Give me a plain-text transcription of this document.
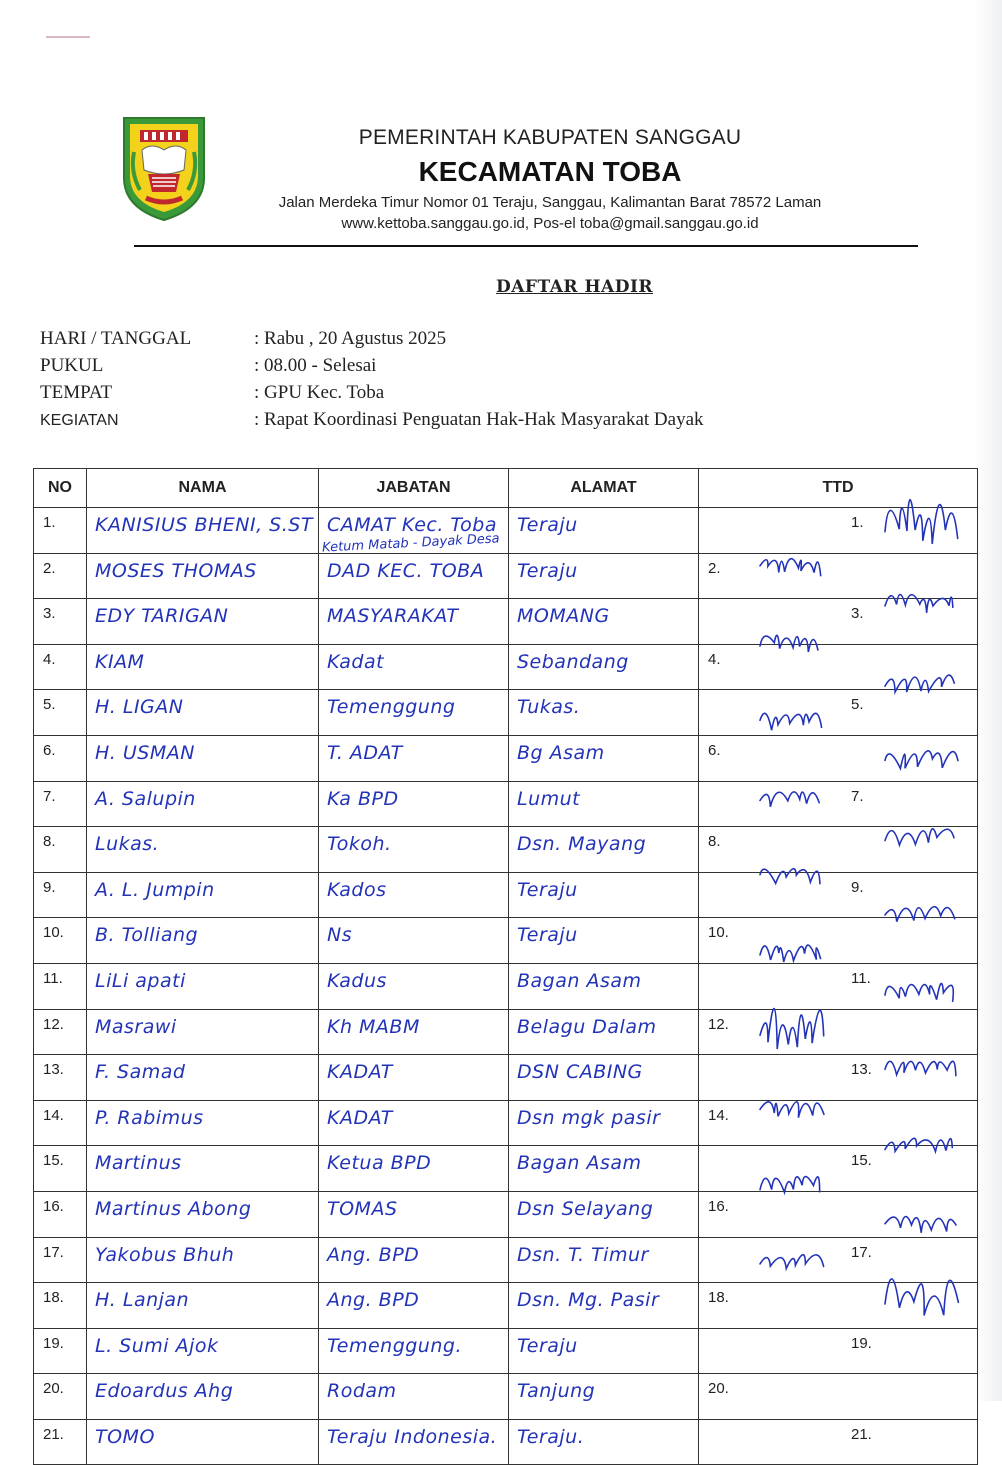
PEMERINTAH KABUPATEN SANGGAU
KECAMATAN TOBA
Jalan Merdeka Timur Nomor 01 Teraju, Sanggau, Kalimantan Barat 78572 Laman
www.kettoba.sanggau.go.id, Pos-el toba@gmail.sanggau.go.id
DAFTAR HADIR
HARI / TANGGAL	: Rabu , 20 Agustus 2025
PUKUL	: 08.00 - Selesai
TEMPAT	: GPU Kec. Toba
KEGIATAN	: Rapat Koordinasi Penguatan Hak-Hak Masyarakat Dayak
NO	NAMA	JABATAN	ALAMAT	TTD
1.	KANISIUS BHENI, S.ST	CAMAT Kec. Toba	Teraju	1.

2.	MOSES THOMAS	DAD KEC. TOBA	Teraju	2.

3.	EDY TARIGAN	MASYARAKAT	MOMANG	3.

4.	KIAM	Kadat	Sebandang	4.

5.	H. LIGAN	Temenggung	Tukas.	5.

6.	H. USMAN	T. ADAT	Bg Asam	6.

7.	A. Salupin	Ka BPD	Lumut	7.

8.	Lukas.	Tokoh.	Dsn. Mayang	8.

9.	A. L. Jumpin	Kados	Teraju	9.

10.	B. Tolliang	Ns	Teraju	10.

11.	LiLi apati	Kadus	Bagan Asam	11.

12.	Masrawi	Kh MABM	Belagu Dalam	12.

13.	F. Samad	KADAT	DSN CABING	13.

14.	P. Rabimus	KADAT	Dsn mgk pasir	14.

15.	Martinus	Ketua BPD	Bagan Asam	15.

16.	Martinus Abong	TOMAS	Dsn Selayang	16.

17.	Yakobus Bhuh	Ang. BPD	Dsn. T. Timur	17.

18.	H. Lanjan	Ang. BPD	Dsn. Mg. Pasir	18.

19.	L. Sumi Ajok	Temenggung.	Teraju	19.

20.	Edoardus Ahg	Rodam	Tanjung	20.

21.	TOMO	Teraju Indonesia.	Teraju.	21.
Ketum Matab - Dayak Desa
